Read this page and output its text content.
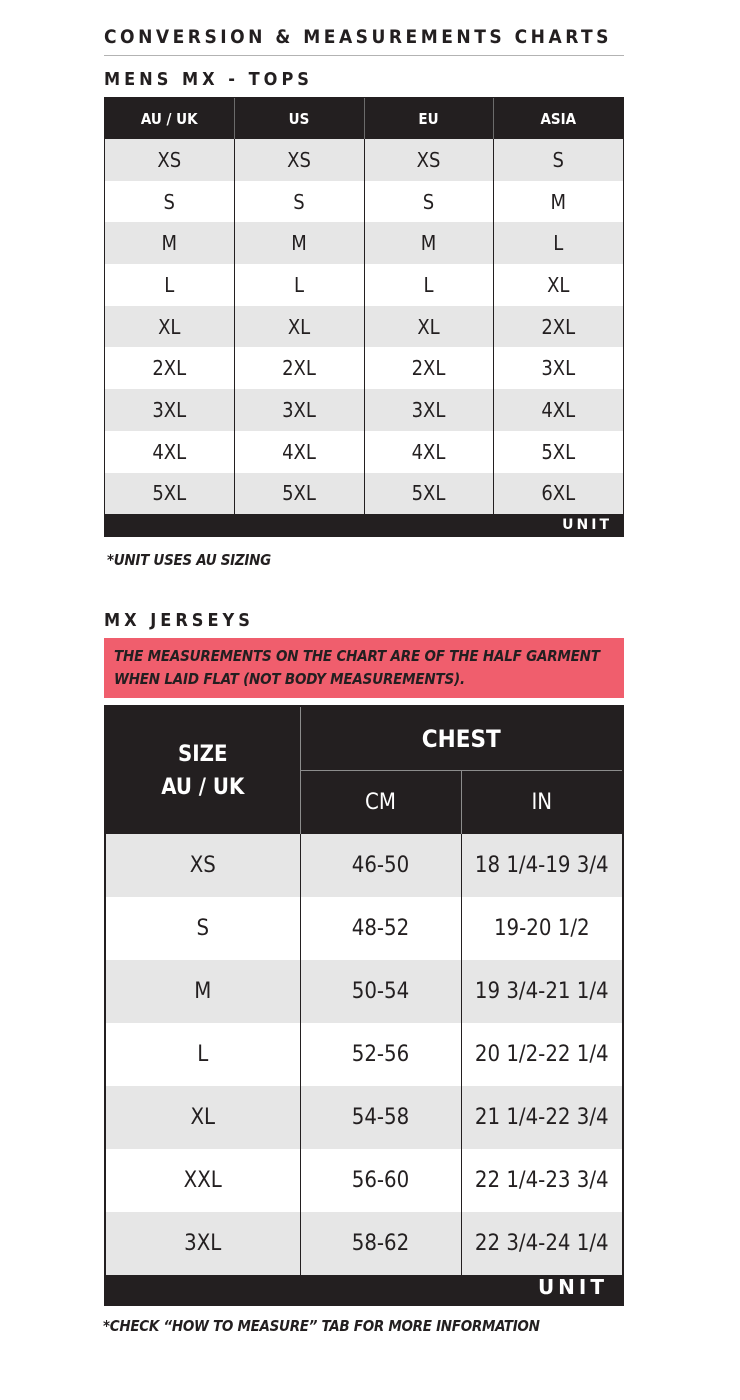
CONVERSION & MEASUREMENTS CHARTS
MENS MX - TOPS
AU / UK	US	EU	ASIA
XS	XS	XS	S
S	S	S	M
M	M	M	L
L	L	L	XL
XL	XL	XL	2XL
2XL	2XL	2XL	3XL
3XL	3XL	3XL	4XL
4XL	4XL	4XL	5XL
5XL	5XL	5XL	6XL
UNIT
*UNIT USES AU SIZING
MX JERSEYS
THE MEASUREMENTS ON THE CHART ARE OF THE HALF GARMENT WHEN LAID FLAT (NOT BODY MEASUREMENTS).
SIZE
AU / UK	CHEST	
	CM	IN
XS	46-50	18 1/4-19 3/4
S	48-52	19-20 1/2
M	50-54	19 3/4-21 1/4
L	52-56	20 1/2-22 1/4
XL	54-58	21 1/4-22 3/4
XXL	56-60	22 1/4-23 3/4
3XL	58-62	22 3/4-24 1/4
UNIT
*CHECK “HOW TO MEASURE” TAB FOR MORE INFORMATION
